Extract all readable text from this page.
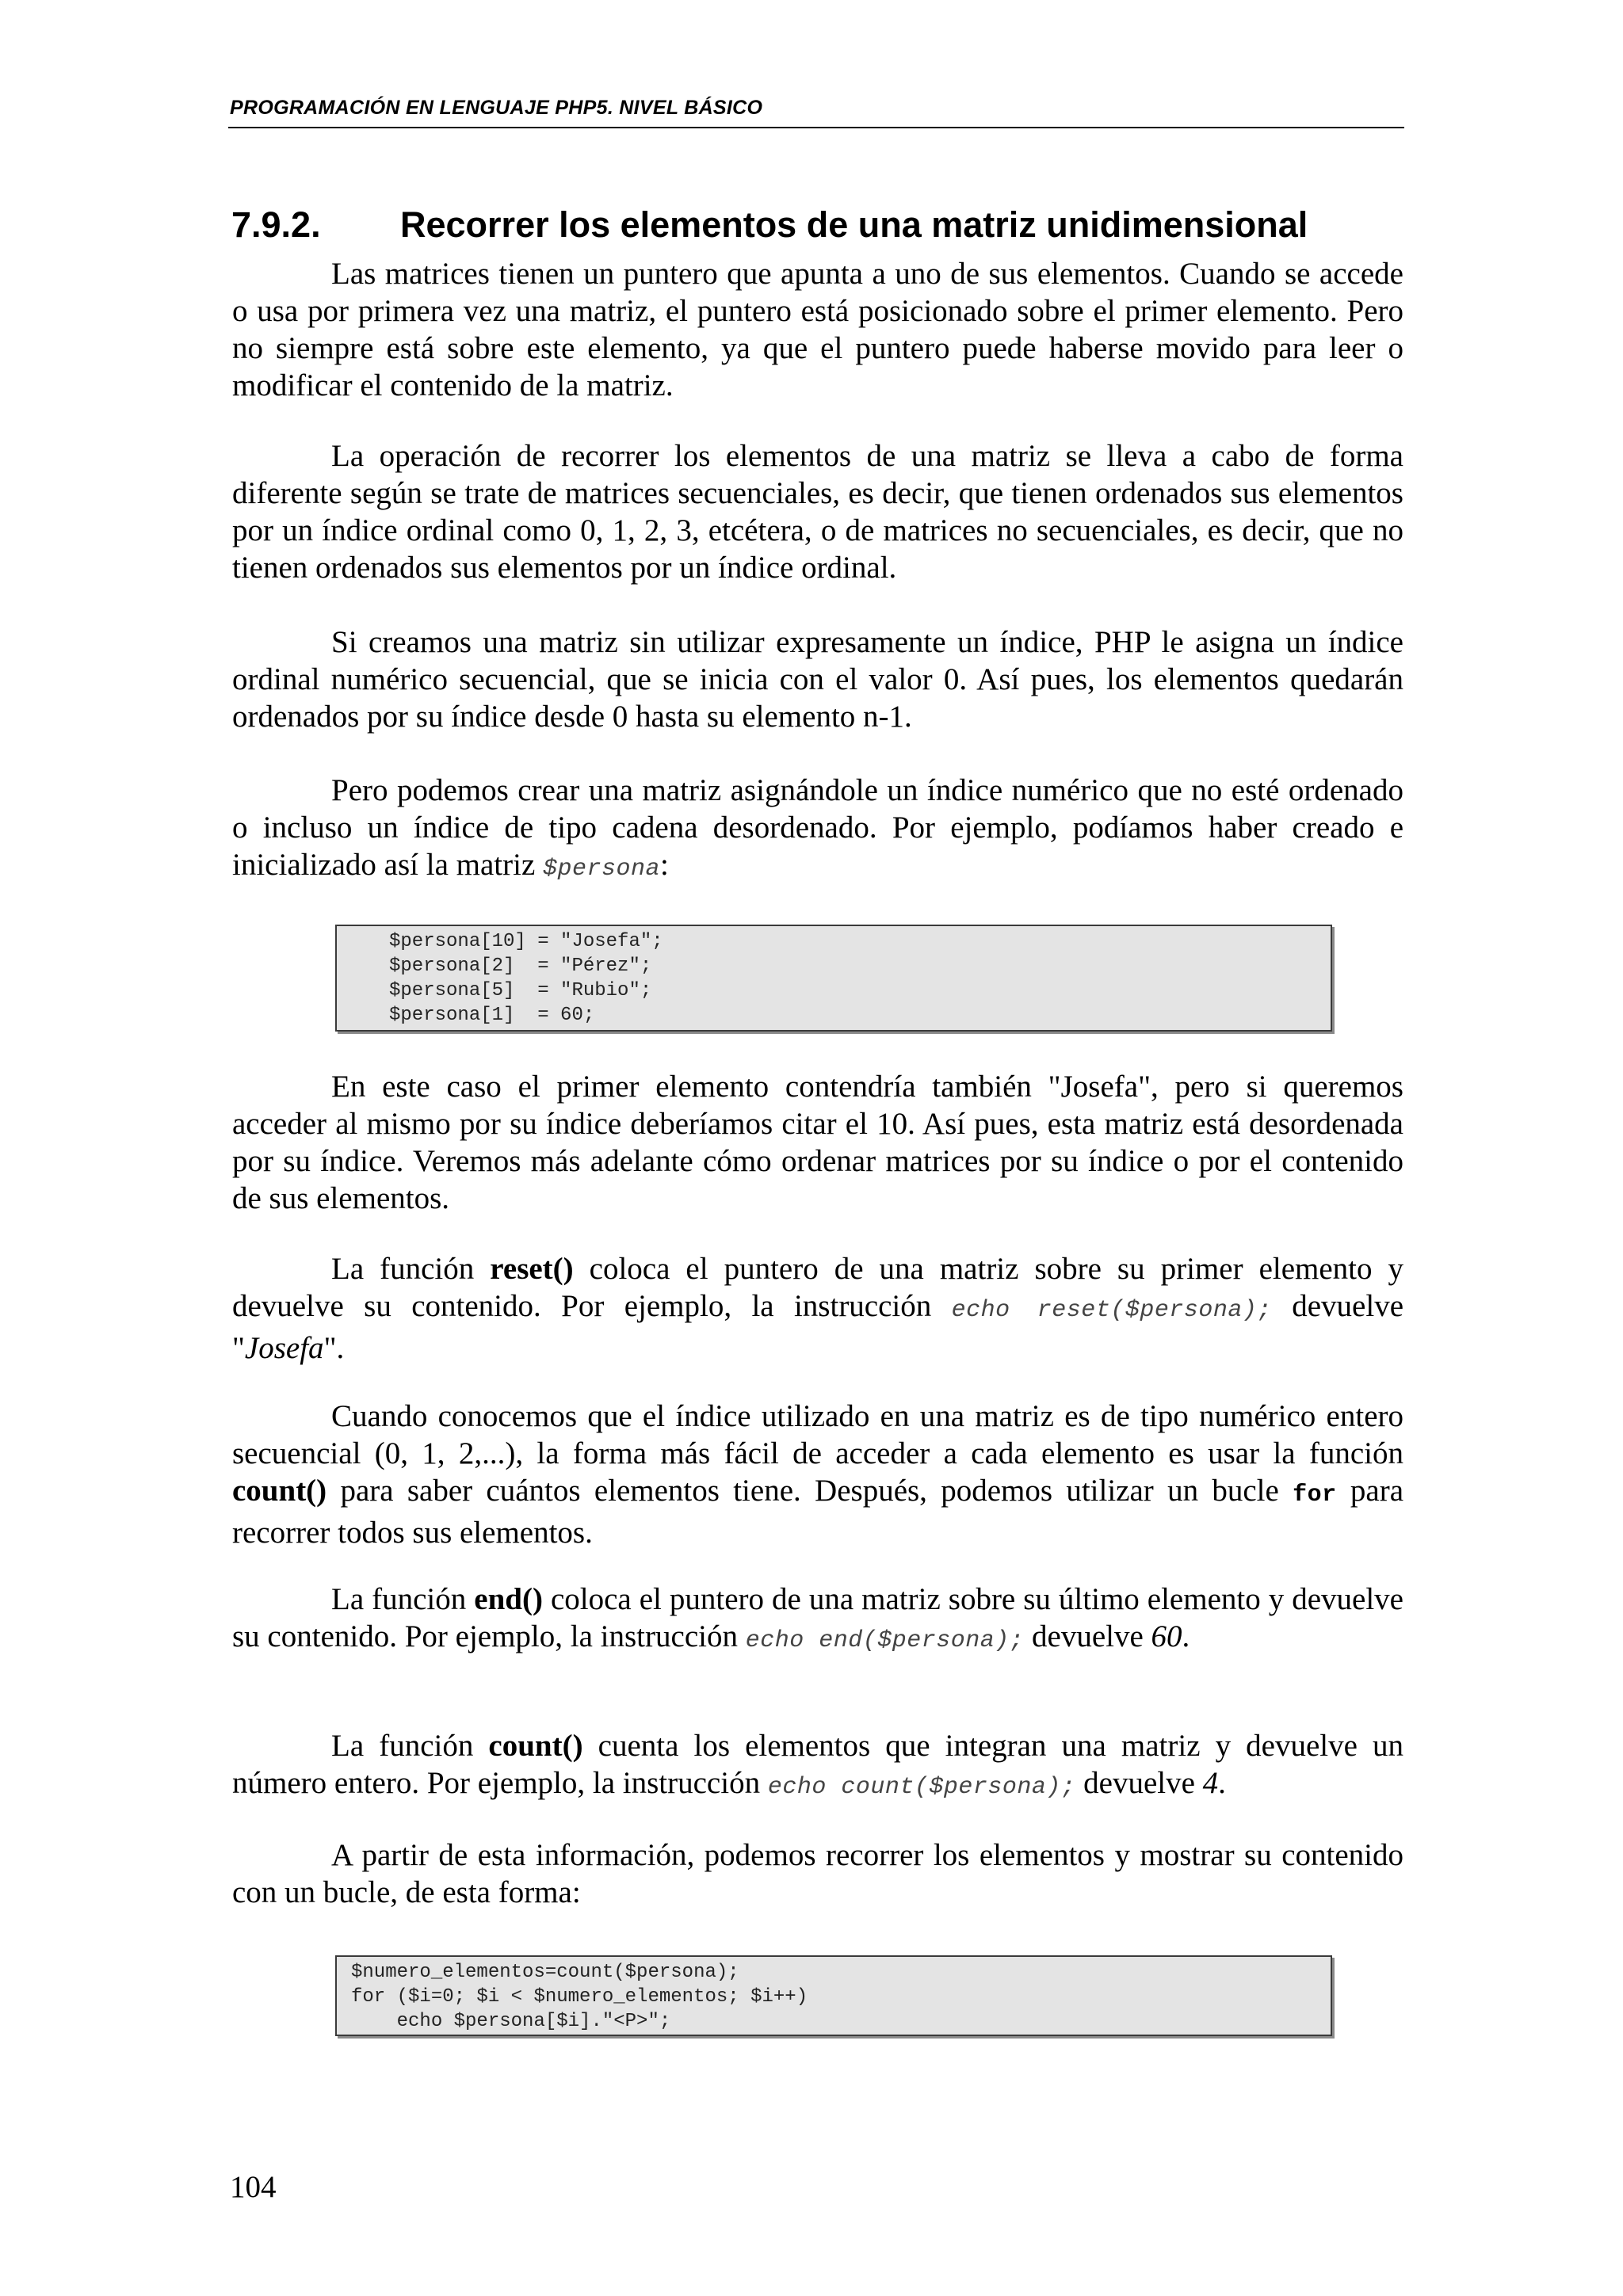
PROGRAMACIÓN EN LENGUAJE PHP5. NIVEL BÁSICO
7.9.2. Recorrer los elementos de una matriz unidimensional

Las matrices tienen un puntero que apunta a uno de sus elementos. Cuando se accede o usa por primera vez una matriz, el puntero está posicionado sobre el primer elemento. Pero no siempre está sobre este elemento, ya que el puntero puede haberse movido para leer o modificar el contenido de la matriz.

La operación de recorrer los elementos de una matriz se lleva a cabo de forma diferente según se trate de matrices secuenciales, es decir, que tienen ordenados sus elementos por un índice ordinal como 0, 1, 2, 3, etcétera, o de matrices no secuenciales, es decir, que no tienen ordenados sus elementos por un índice ordinal.

Si creamos una matriz sin utilizar expresamente un índice, PHP le asigna un índice ordinal numérico secuencial, que se inicia con el valor 0. Así pues, los elementos quedarán ordenados por su índice desde 0 hasta su elemento n-1.

Pero podemos crear una matriz asignándole un índice numérico que no esté ordenado o incluso un índice de tipo cadena desordenado. Por ejemplo, podíamos haber creado e inicializado así la matriz $persona:

$persona[10] = "Josefa";
$persona[2]  = "Pérez";
$persona[5]  = "Rubio";
$persona[1]  = 60;

En este caso el primer elemento contendría también "Josefa", pero si queremos acceder al mismo por su índice deberíamos citar el 10. Así pues, esta matriz está desordenada por su índice. Veremos más adelante cómo ordenar matrices por su índice o por el contenido de sus elementos.

La función reset() coloca el puntero de una matriz sobre su primer elemento y devuelve su contenido. Por ejemplo, la instrucción echo reset($persona); devuelve "Josefa".

Cuando conocemos que el índice utilizado en una matriz es de tipo numérico entero secuencial (0, 1, 2,...), la forma más fácil de acceder a cada elemento es usar la función count() para saber cuántos elementos tiene. Después, podemos utilizar un bucle for para recorrer todos sus elementos.

La función end() coloca el puntero de una matriz sobre su último elemento y devuelve su contenido. Por ejemplo, la instrucción echo end($persona); devuelve 60.

La función count() cuenta los elementos que integran una matriz y devuelve un número entero. Por ejemplo, la instrucción echo count($persona); devuelve 4.

A partir de esta información, podemos recorrer los elementos y mostrar su contenido con un bucle, de esta forma:

$numero_elementos=count($persona);
for ($i=0; $i < $numero_elementos; $i++)
echo $persona[$i]."<P>";
104
